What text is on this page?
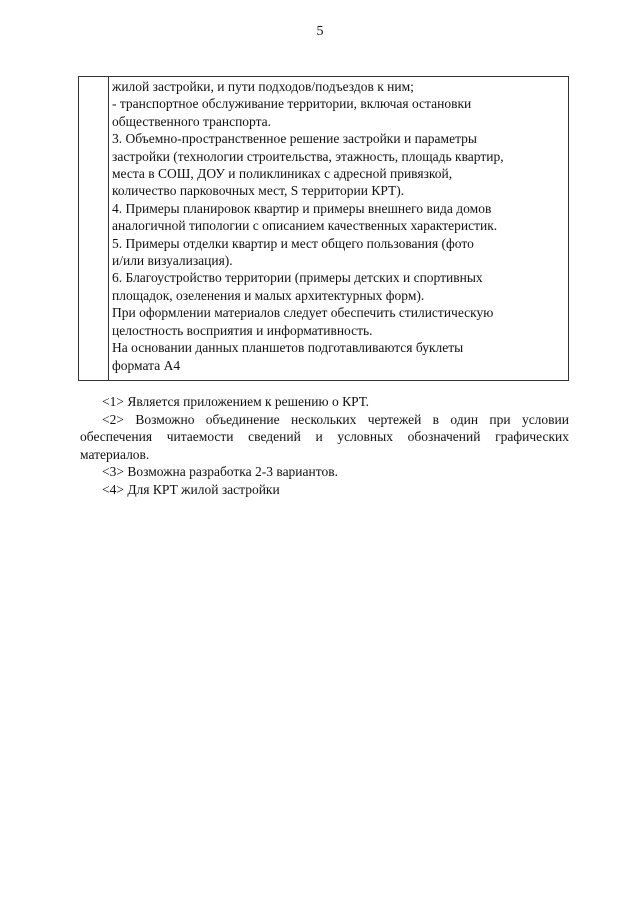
5
жилой застройки, и пути подходов/подъездов к ним;
- транспортное обслуживание территории, включая остановки
общественного транспорта.
3. Объемно-пространственное решение застройки и параметры
застройки (технологии строительства, этажность, площадь квартир,
места в СОШ, ДОУ и поликлиниках с адресной привязкой,
количество парковочных мест, S территории КРТ).
4. Примеры планировок квартир и примеры внешнего вида домов
аналогичной типологии с описанием качественных характеристик.
5. Примеры отделки квартир и мест общего пользования (фото
и/или визуализация).
6. Благоустройство территории (примеры детских и спортивных
площадок, озеленения и малых архитектурных форм).
При оформлении материалов следует обеспечить стилистическую
целостность восприятия и информативность.
На основании данных планшетов подготавливаются буклеты
формата А4

<1> Является приложением к решению о КРТ.

<2> Возможно объединение нескольких чертежей в один при условии обеспечения читаемости сведений и условных обозначений графических материалов.

<3> Возможна разработка 2-3 вариантов.

<4> Для КРТ жилой застройки
